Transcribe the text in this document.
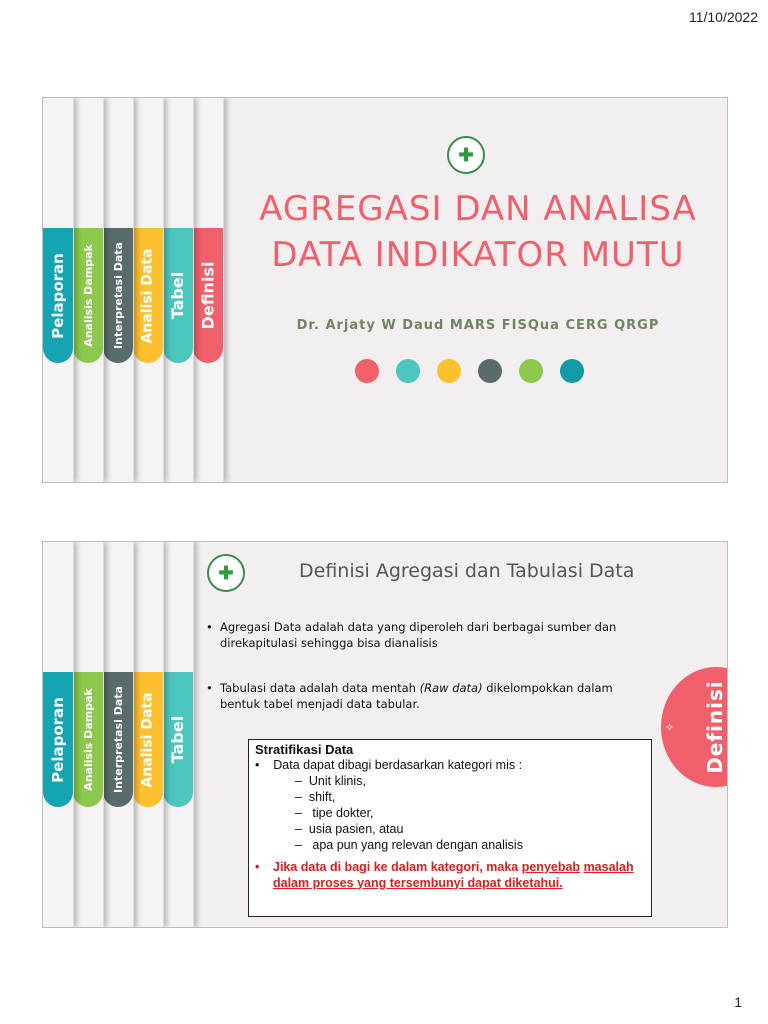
11/10/2022
Pelaporan Analisis Dampak Interpretasi Data Analisi Data Tabel Definisi
✚
AGREGASI DAN ANALISA
DATA INDIKATOR MUTU
Dr. Arjaty W Daud MARS FISQua CERG QRGP
Pelaporan Analisis Dampak Interpretasi Data Analisi Data Tabel
✚	Definisi Agregasi dan Tabulasi Data
• Agregasi Data adalah data yang diperoleh dari berbagai sumber dan direkapitulasi sehingga bisa dianalisis
• Tabulasi data adalah data mentah (Raw data) dikelompokkan dalam bentuk tabel menjadi data tabular.
Stratifikasi Data
•    Data dapat dibagi berdasarkan kategori mis :
–  Unit klinis,
–  shift,
–   tipe dokter,
–  usia pasien, atau
–   apa pun yang relevan dengan analisis
• Jika data di bagi ke dalam kategori, maka penyebab masalah dalam proses yang tersembunyi dapat diketahui.
✧ Definisi
1
